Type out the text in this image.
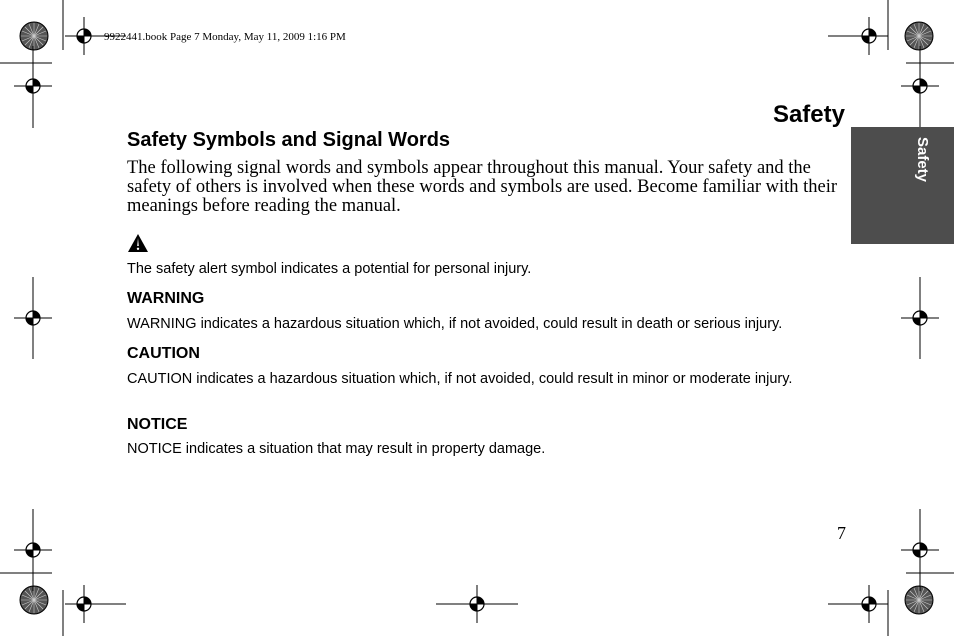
9922441.book Page 7 Monday, May 11, 2009 1:16 PM
Safety
Safety
Safety Symbols and Signal Words

The following signal words and symbols appear throughout this manual. Your safety and the safety of others is involved when these words and symbols are used. Become familiar with their meanings before reading the manual.

The safety alert symbol indicates a potential for personal injury.

WARNING

WARNING indicates a hazardous situation which, if not avoided, could result in death or serious injury.

CAUTION

CAUTION indicates a hazardous situation which, if not avoided, could result in minor or moderate injury.

NOTICE

NOTICE indicates a situation that may result in property damage.

7
